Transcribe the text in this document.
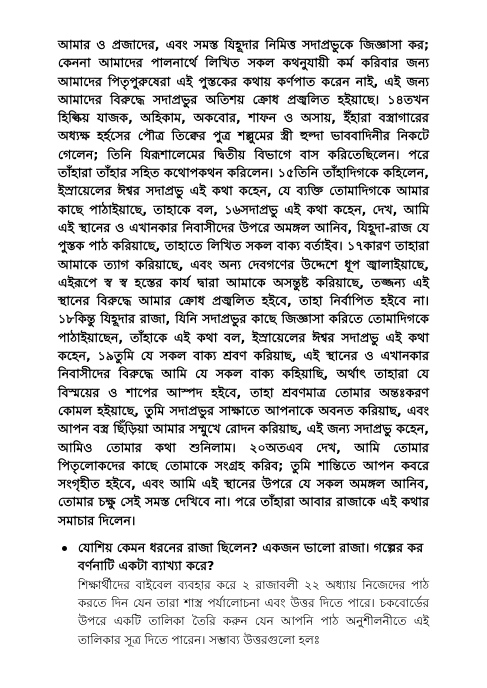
আমার ও প্রজাদের, এবং সমস্ত যিহূদার নিমিত্ত সদাপ্রভুকে জিজ্ঞাসা কর; কেননা আমাদের পালনার্থে লিখিত সকল কথনুযায়ী কর্ম করিবার জন্য আমাদের পিতৃপুরুষেরা এই পুস্তকের কথায় কর্ণপাত করেন নাই, এই জন্য আমাদের বিরুদ্ধে সদাপ্রভুর অতিশয় ক্রোধ প্রজ্বলিত হইয়াছে। ১৪তখন হিল্কিয় যাজক, অহিকাম, অকবোর, শাফন ও অসায়, ইঁহারা বস্ত্রাগারের অধ্যক্ষ হর্হসের পৌত্র তিক্বের পুত্র শল্লুমের স্ত্রী হুল্দা ভাববাদিনীর নিকটে গেলেন; তিনি যিরূশালেমের দ্বিতীয় বিভাগে বাস করিতেছিলেন। পরে তাঁহারা তাঁহার সহিত কথোপকথন করিলেন। ১৫তিনি তাঁহাদিগকে কহিলেন, ইস্রায়েলের ঈশ্বর সদাপ্রভু এই কথা কহেন, যে ব্যক্তি তোমাদিগকে আমার কাছে পাঠাইয়াছে, তাহাকে বল, ১৬সদাপ্রভু এই কথা কহেন, দেখ, আমি এই স্থানের ও এখানকার নিবাসীদের উপরে অমঙ্গল আনিব, যিহূদা-রাজ যে পুস্তক পাঠ করিয়াছে, তাহাতে লিখিত সকল বাক্য বর্তাইব। ১৭কারণ তাহারা আমাকে ত্যাগ করিয়াছে, এবং অন্য দেবগণের উদ্দেশে ধূপ জ্বালাইয়াছে, এইরূপে স্ব স্ব হস্তের কার্য দ্বারা আমাকে অসন্তুষ্ট করিয়াছে, তজ্জন্য এই স্থানের বিরুদ্ধে আমার ক্রোধ প্রজ্বলিত হইবে, তাহা নির্বাপিত হইবে না। ১৮কিন্তু যিহূদার রাজা, যিনি সদাপ্রভুর কাছে জিজ্ঞাসা করিতে তোমাদিগকে পাঠাইয়াছেন, তাঁহাকে এই কথা বল, ইস্রায়েলের ঈশ্বর সদাপ্রভু এই কথা কহেন, ১৯তুমি যে সকল বাক্য শ্রবণ করিয়াছ, এই স্থানের ও এখানকার নিবাসীদের বিরুদ্ধে আমি যে সকল বাক্য কহিয়াছি, অর্থাৎ তাহারা যে বিস্ময়ের ও শাপের আস্পদ হইবে, তাহা শ্রবণমাত্র তোমার অন্তঃকরণ কোমল হইয়াছে, তুমি সদাপ্রভুর সাক্ষাতে আপনাকে অবনত করিয়াছ, এবং আপন বস্ত্র ছিঁড়িয়া আমার সম্মুখে রোদন করিয়াছ, এই জন্য সদাপ্রভু কহেন, আমিও তোমার কথা শুনিলাম। ২০অতএব দেখ, আমি তোমার পিতৃলোকদের কাছে তোমাকে সংগ্রহ করিব; তুমি শান্তিতে আপন কবরে সংগৃহীত হইবে, এবং আমি এই স্থানের উপরে যে সকল অমঙ্গল আনিব, তোমার চক্ষু সেই সমস্ত দেখিবে না। পরে তাঁহারা আবার রাজাকে এই কথার সমাচার দিলেন।

যোশিয় কেমন ধরনের রাজা ছিলেন? একজন ভালো রাজা। গল্পের কর বর্ণনাটি একটা ব্যাখ্যা করে?

শিক্ষার্থীদের বাইবেল ব্যবহার করে ২ রাজাবলী ২২ অধ্যায় নিজেদের পাঠ করতে দিন যেন তারা শাস্ত্র পর্যালোচনা এবং উত্তর দিতে পারে। চকবোর্ডের উপরে একটি তালিকা তৈরি করুন যেন আপনি পাঠ অনুশীলনীতে এই তালিকার সূত্র দিতে পারেন। সম্ভাব্য উত্তরগুলো হলঃ
